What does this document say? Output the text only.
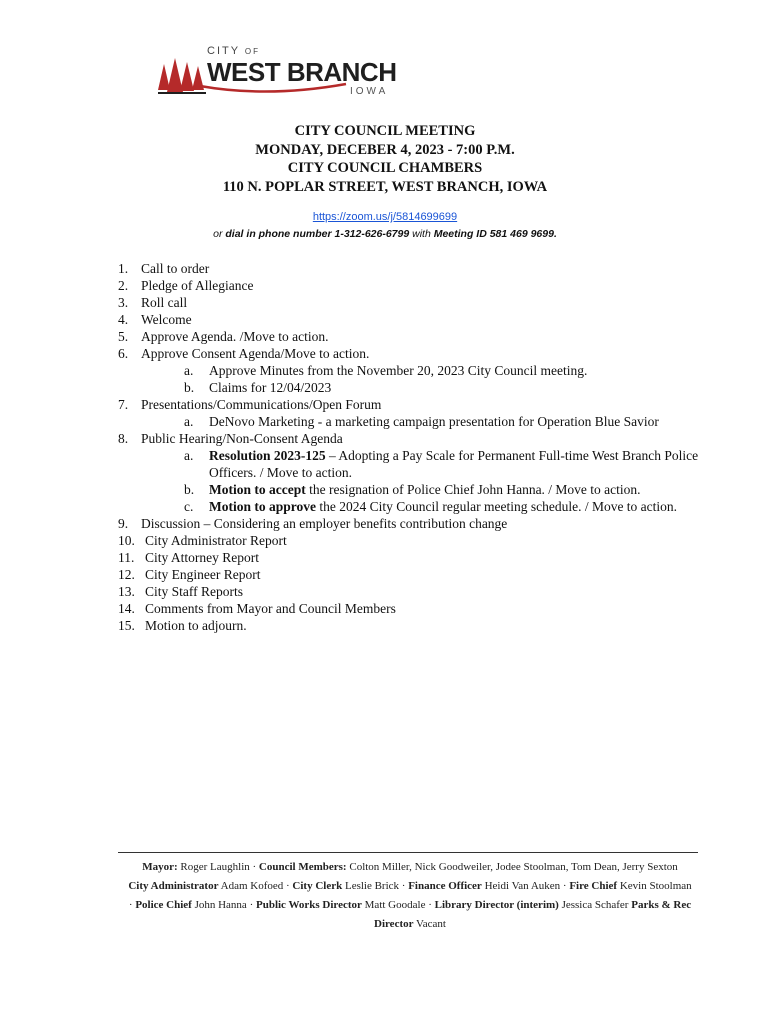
CITY OF
WEST BRANCH
IOWA
CITY COUNCIL MEETING
MONDAY, DECEBER 4, 2023 - 7:00 P.M.
CITY COUNCIL CHAMBERS
110 N. POPLAR STREET, WEST BRANCH, IOWA
https://zoom.us/j/5814699699
or dial in phone number 1-312-626-6799 with Meeting ID 581 469 9699.
1. Call to order
2. Pledge of Allegiance
3. Roll call
4. Welcome
5. Approve Agenda. /Move to action.
6. Approve Consent Agenda/Move to action.
a. Approve Minutes from the November 20, 2023 City Council meeting.
b. Claims for 12/04/2023
7. Presentations/Communications/Open Forum
a. DeNovo Marketing - a marketing campaign presentation for Operation Blue Savior
8. Public Hearing/Non-Consent Agenda
a. Resolution 2023-125 – Adopting a Pay Scale for Permanent Full-time West Branch Police Officers. / Move to action.
b. Motion to accept the resignation of Police Chief John Hanna. / Move to action.
c. Motion to approve the 2024 City Council regular meeting schedule. / Move to action.
9. Discussion – Considering an employer benefits contribution change
10. City Administrator Report
11. City Attorney Report
12. City Engineer Report
13. City Staff Reports
14. Comments from Mayor and Council Members
15. Motion to adjourn.
Mayor: Roger Laughlin · Council Members: Colton Miller, Nick Goodweiler, Jodee Stoolman, Tom Dean, Jerry Sexton
City Administrator Adam Kofoed · City Clerk Leslie Brick · Finance Officer Heidi Van Auken · Fire Chief Kevin Stoolman
· Police Chief John Hanna · Public Works Director Matt Goodale · Library Director (interim) Jessica Schafer Parks & Rec Director Vacant
